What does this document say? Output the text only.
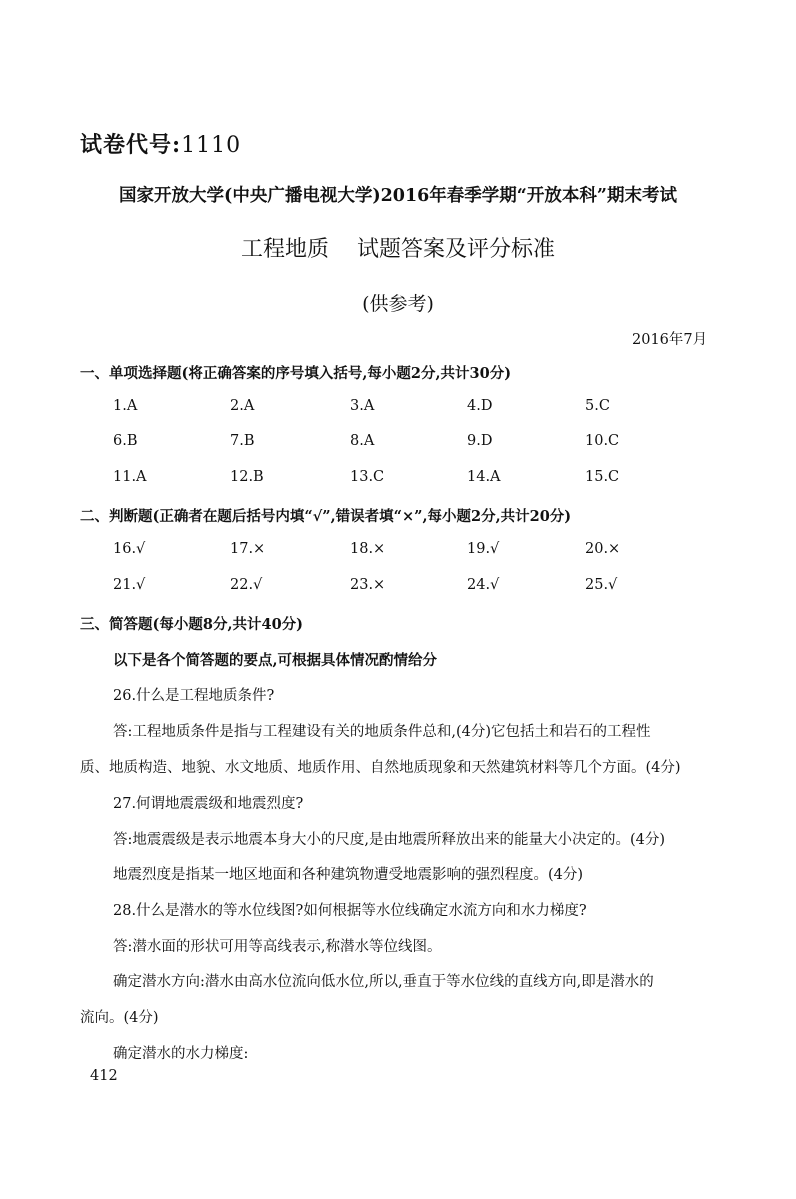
试卷代号:1110
国家开放大学(中央广播电视大学)2016年春季学期“开放本科”期末考试
工程地质 试题答案及评分标准
(供参考)
2016年7月
一、单项选择题(将正确答案的序号填入括号,每小题2分,共计30分)
1.A	2.A	3.A	4.D	5.C
6.B	7.B	8.A	9.D	10.C
11.A	12.B	13.C	14.A	15.C
二、判断题(正确者在题后括号内填“√”,错误者填“×”,每小题2分,共计20分)
16.√	17.×	18.×	19.√	20.×
21.√	22.√	23.×	24.√	25.√
三、简答题(每小题8分,共计40分)
以下是各个简答题的要点,可根据具体情况酌情给分
26.什么是工程地质条件?
答:工程地质条件是指与工程建设有关的地质条件总和,(4分)它包括土和岩石的工程性
质、地质构造、地貌、水文地质、地质作用、自然地质现象和天然建筑材料等几个方面。(4分)
27.何谓地震震级和地震烈度?
答:地震震级是表示地震本身大小的尺度,是由地震所释放出来的能量大小决定的。(4分)
地震烈度是指某一地区地面和各种建筑物遭受地震影响的强烈程度。(4分)
28.什么是潜水的等水位线图?如何根据等水位线确定水流方向和水力梯度?
答:潜水面的形状可用等高线表示,称潜水等位线图。
确定潜水方向:潜水由高水位流向低水位,所以,垂直于等水位线的直线方向,即是潜水的
流向。(4分)
确定潜水的水力梯度:
412
